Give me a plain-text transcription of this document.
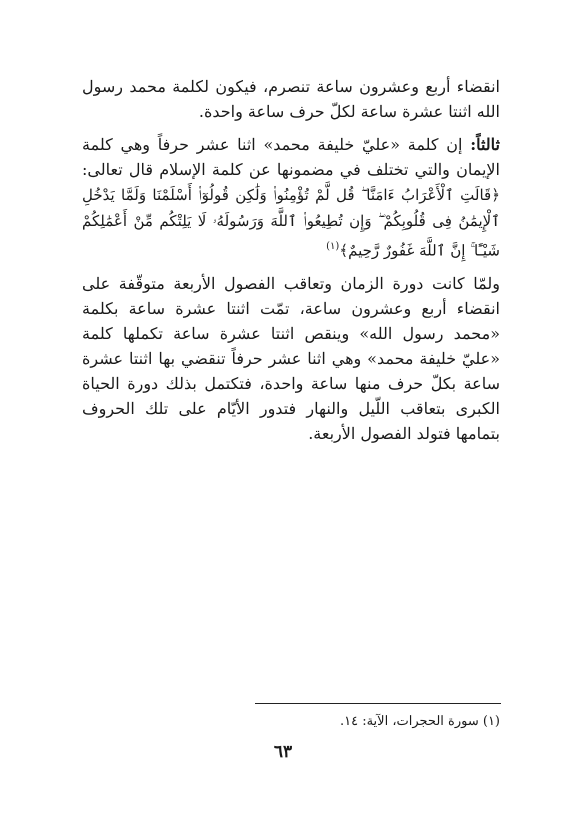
انقضاء أربع وعشرون ساعة تنصرم، فيكون لكلمة محمد رسول الله اثنتا عشرة ساعة لكلّ حرف ساعة واحدة.

ثالثاً: إن كلمة «عليّ خليفة محمد» اثنا عشر حرفاً وهي كلمة الإيمان والتي تختلف في مضمونها عن كلمة الإسلام قال تعالى: ﴿قَالَتِ ٱلْأَعْرَابُ ءَامَنَّا ۖ قُل لَّمْ تُؤْمِنُوا۟ وَلَٰكِن قُولُوٓا۟ أَسْلَمْنَا وَلَمَّا يَدْخُلِ ٱلْإِيمَٰنُ فِى قُلُوبِكُمْ ۖ وَإِن تُطِيعُوا۟ ٱللَّهَ وَرَسُولَهُۥ لَا يَلِتْكُم مِّنْ أَعْمَٰلِكُمْ شَيْـًٔا ۚ إِنَّ ٱللَّهَ غَفُورٌ رَّحِيمٌ﴾$^{(١)}$

ولمّا كانت دورة الزمان وتعاقب الفصول الأربعة متوقّفة على انقضاء أربع وعشرون ساعة، تمّت اثنتا عشرة ساعة بكلمة «محمد رسول الله» وينقص اثنتا عشرة ساعة تكملها كلمة «عليّ خليفة محمد» وهي اثنا عشر حرفاً تنقضي بها اثنتا عشرة ساعة بكلّ حرف منها ساعة واحدة، فتكتمل بذلك دورة الحياة الكبرى بتعاقب اللّيل والنهار فتدور الأيّام على تلك الحروف بتمامها فتولد الفصول الأربعة.

(١) سورة الحجرات، الآية: ١٤.
٦٣
